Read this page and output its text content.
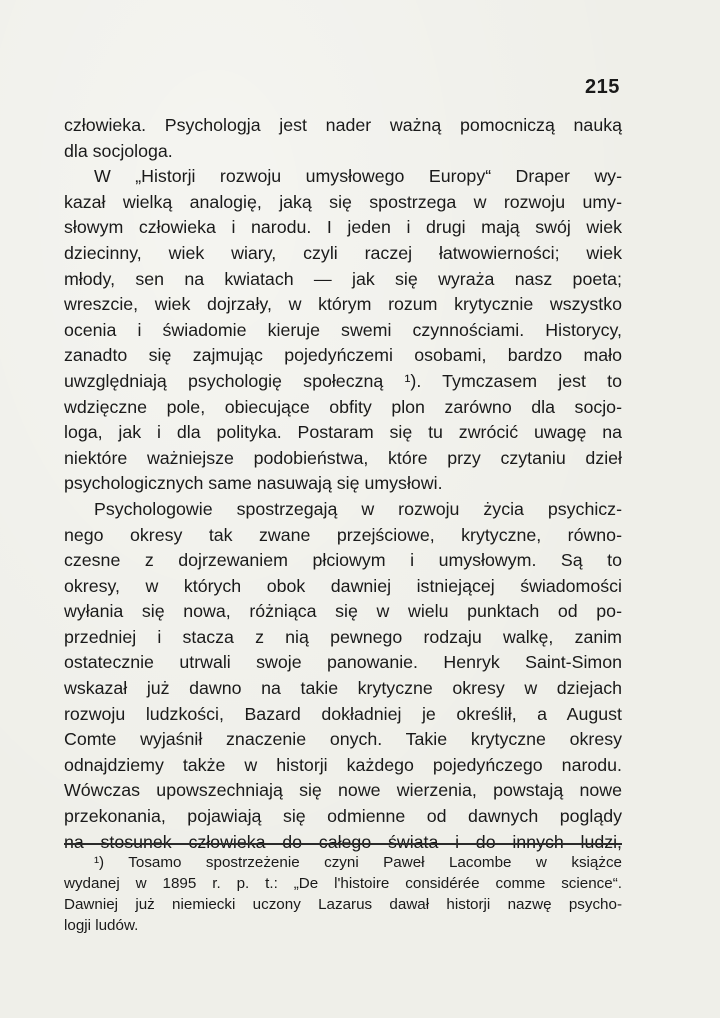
215
człowieka. Psychologja jest nader ważną pomocniczą nauką
dla socjologa.
W „Historji rozwoju umysłowego Europy“ Draper wy-
kazał wielką analogię, jaką się spostrzega w rozwoju umy-
słowym człowieka i narodu. I jeden i drugi mają swój wiek
dziecinny, wiek wiary, czyli raczej łatwowierności; wiek
młody, sen na kwiatach — jak się wyraża nasz poeta;
wreszcie, wiek dojrzały, w którym rozum krytycznie wszystko
ocenia i świadomie kieruje swemi czynnościami. Historycy,
zanadto się zajmując pojedyńczemi osobami, bardzo mało
uwzględniają psychologię społeczną ¹). Tymczasem jest to
wdzięczne pole, obiecujące obfity plon zarówno dla socjo-
loga, jak i dla polityka. Postaram się tu zwrócić uwagę na
niektóre ważniejsze podobieństwa, które przy czytaniu dzieł
psychologicznych same nasuwają się umysłowi.
Psychologowie spostrzegają w rozwoju życia psychicz-
nego okresy tak zwane przejściowe, krytyczne, równo-
czesne z dojrzewaniem płciowym i umysłowym. Są to
okresy, w których obok dawniej istniejącej świadomości
wyłania się nowa, różniąca się w wielu punktach od po-
przedniej i stacza z nią pewnego rodzaju walkę, zanim
ostatecznie utrwali swoje panowanie. Henryk Saint-Simon
wskazał już dawno na takie krytyczne okresy w dziejach
rozwoju ludzkości, Bazard dokładniej je określił, a August
Comte wyjaśnił znaczenie onych. Takie krytyczne okresy
odnajdziemy także w historji każdego pojedyńczego narodu.
Wówczas upowszechniają się nowe wierzenia, powstają nowe
przekonania, pojawiają się odmienne od dawnych poglądy
na stosunek człowieka do całego świata i do innych ludzi,
¹) Tosamo spostrzeżenie czyni Paweł Lacombe w książce
wydanej w 1895 r. p. t.: „De l'histoire considérée comme science“.
Dawniej już niemiecki uczony Lazarus dawał historji nazwę psycho-
logji ludów.
